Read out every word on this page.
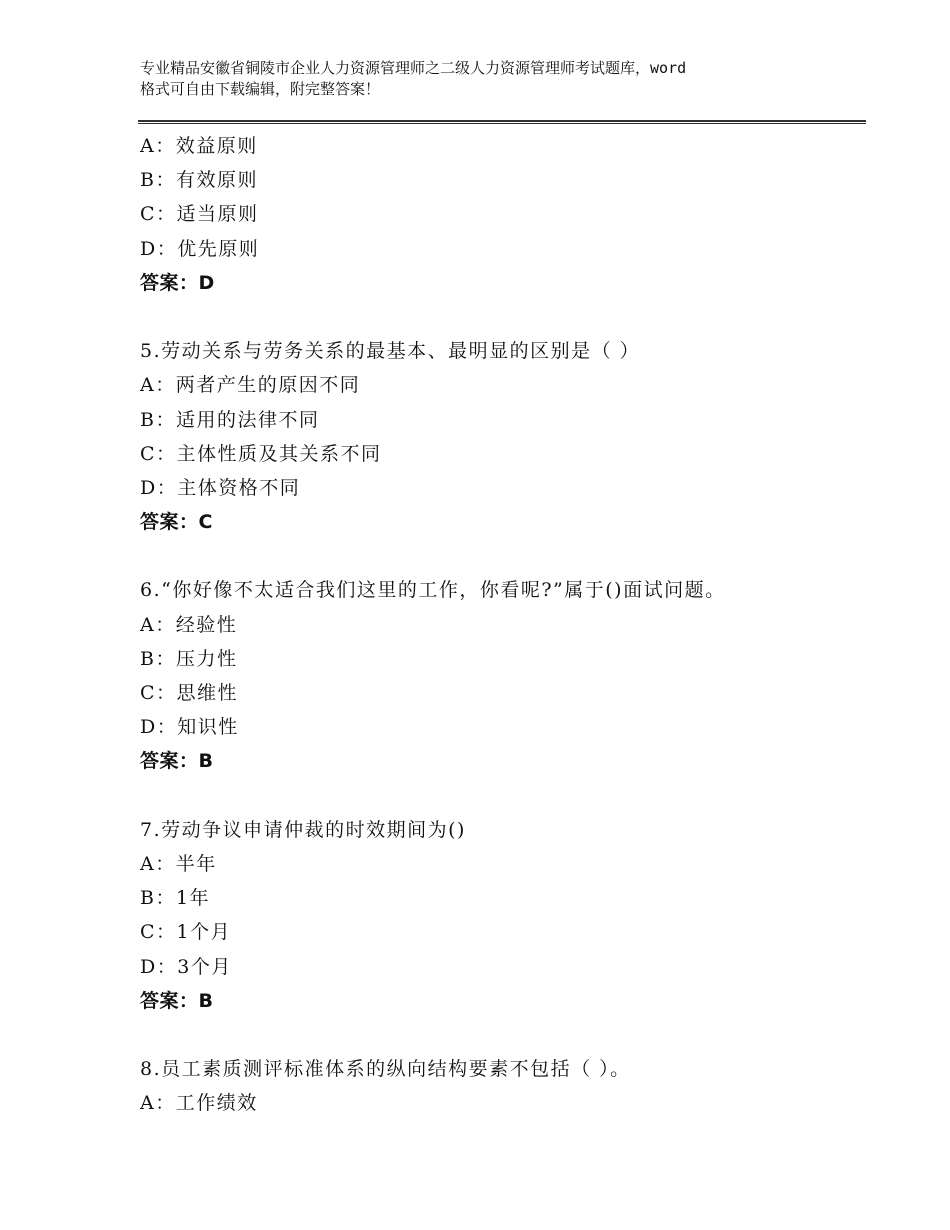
专业精品安徽省铜陵市企业人力资源管理师之二级人力资源管理师考试题库，word
格式可自由下载编辑，附完整答案！
A：效益原则
B：有效原则
C：适当原则
D：优先原则
答案：D
5.劳动关系与劳务关系的最基本、最明显的区别是（ ）
A：两者产生的原因不同
B：适用的法律不同
C：主体性质及其关系不同
D：主体资格不同
答案：C
6.“你好像不太适合我们这里的工作，你看呢?”属于()面试问题。
A：经验性
B：压力性
C：思维性
D：知识性
答案：B
7.劳动争议申请仲裁的时效期间为()
A：半年
B：1年
C：1个月
D：3个月
答案：B
8.员工素质测评标准体系的纵向结构要素不包括（ ）。
A：工作绩效
